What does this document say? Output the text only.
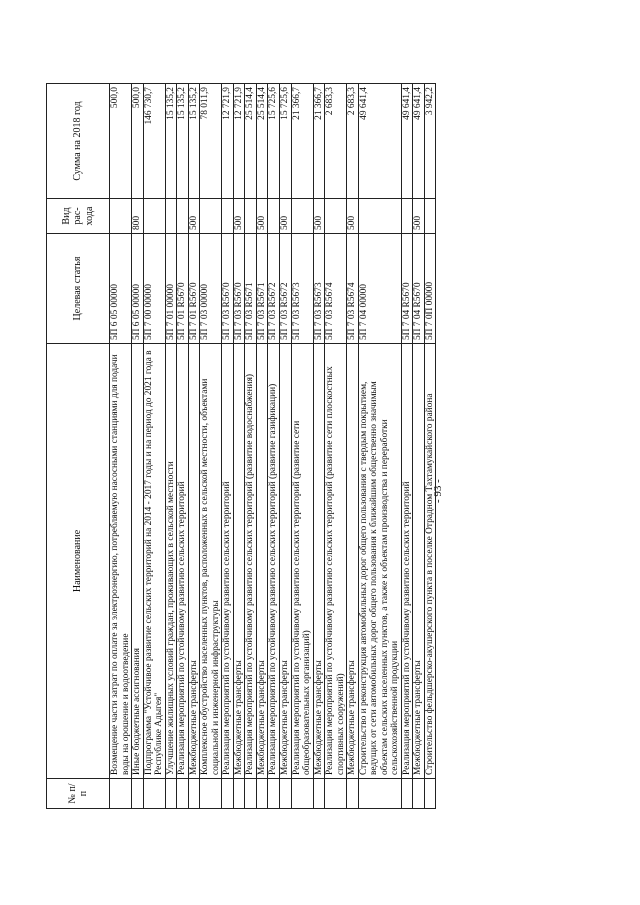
- 93 -
№ п/п	Наименование	Целевая статья	Вид рас-хода	Сумма на 2018 год
	Возмещение части затрат по оплате за электроэнергию, потребляемую насосными станциями для подачи воды на орошение и водоотведение	5П 6 05 00000		500,0
	Иные бюджетные ассигнования	5П 6 05 00000	800	500,0
	Подпрограмма "Устойчивое развитие сельских территорий на 2014 - 2017 годы и на период до 2021 года в Республике Адыгея"	5П 7 00 00000		146 730,7
	Улучшение жилищных условий граждан, проживающих в сельской местности	5П 7 01 00000		15 135,2
	Реализация мероприятий по устойчивому развитию сельских территорий	5П 7 01 R5670		15 135,2
	Межбюджетные трансферты	5П 7 01 R5670	500	15 135,2
	Комплексное обустройство населенных пунктов, расположенных в сельской местности, объектами социальной и инженерной инфраструктуры	5П 7 03 00000		78 011,9
	Реализация мероприятий по устойчивому развитию сельских территорий	5П 7 03 R5670		12 721,9
	Межбюджетные трансферты	5П 7 03 R5670	500	12 721,9
	Реализация мероприятий по устойчивому развитию сельских территорий (развитие водоснабжения)	5П 7 03 R5671		25 514,4
	Межбюджетные трансферты	5П 7 03 R5671	500	25 514,4
	Реализация мероприятий по устойчивому развитию сельских территорий (развитие газификации)	5П 7 03 R5672		15 725,6
	Межбюджетные трансферты	5П 7 03 R5672	500	15 725,6
	Реализация мероприятий по устойчивому развитию сельских территорий (развитие сети общеобразовательных организаций)	5П 7 03 R5673		21 366,7
	Межбюджетные трансферты	5П 7 03 R5673	500	21 366,7
	Реализация мероприятий по устойчивому развитию сельских территорий (развитие сети плоскостных спортивных сооружений)	5П 7 03 R5674		2 683,3
	Межбюджетные трансферты	5П 7 03 R5674	500	2 683,3
	Строительство и реконструкция автомобильных дорог общего пользования с твердым покрытием, ведущих от сети автомобильных дорог общего пользования к ближайшим общественно значимым объектам сельских населенных пунктов, а также к объектам производства и переработки сельскохозяйственной продукции	5П 7 04 00000		49 641,4
	Реализация мероприятий по устойчивому развитию сельских территорий	5П 7 04 R5670		49 641,4
	Межбюджетные трансферты	5П 7 04 R5670	500	49 641,4
	Строительство фельдшерско-акушерского пункта в поселке Отрадном Тахтамукайского района	5П 7 0П 00000		3 942,2
